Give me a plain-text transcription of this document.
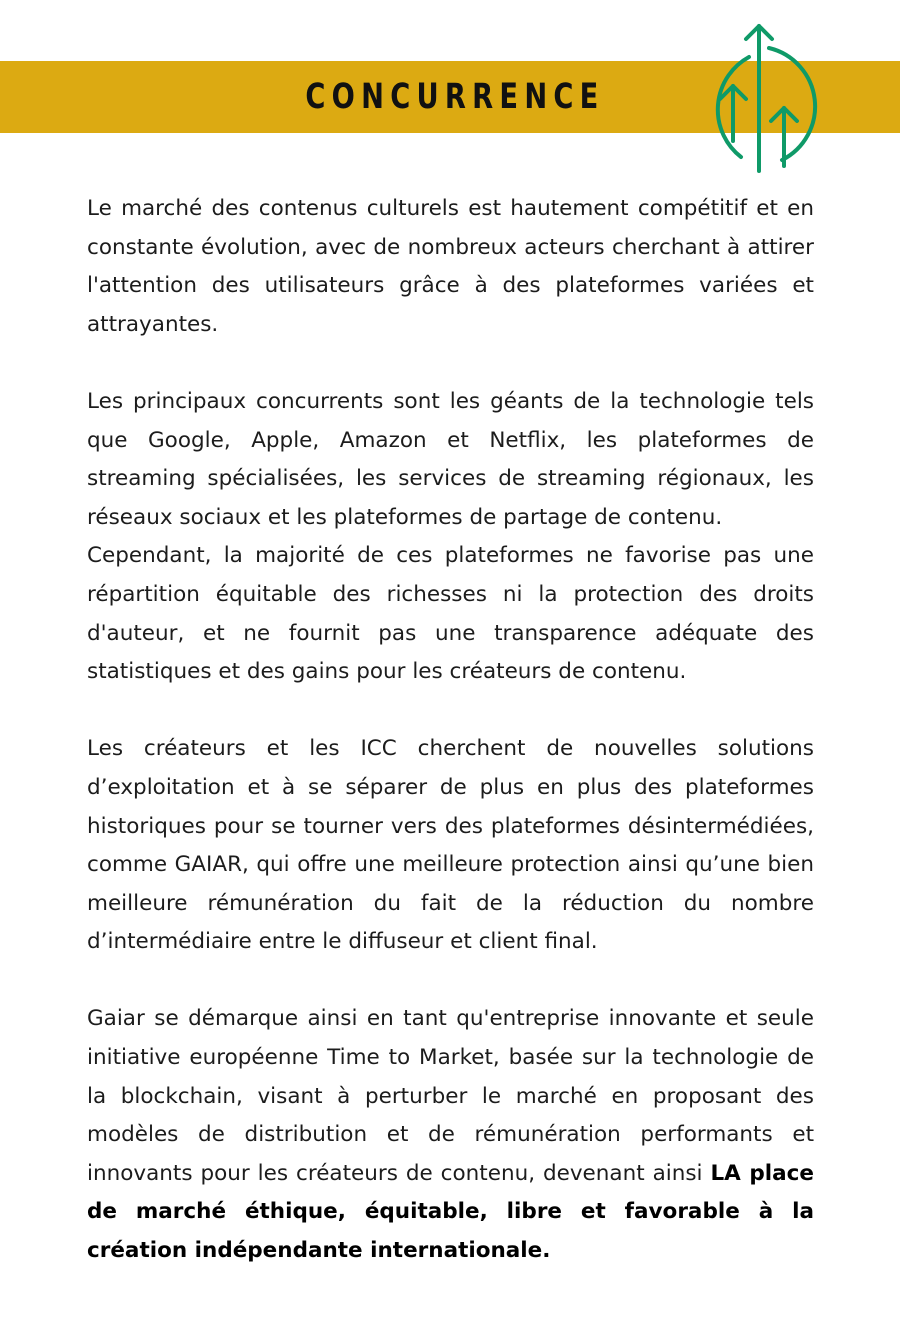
CONCURRENCE

Le marché des contenus culturels est hautement compétitif et en constante évolution, avec de nombreux acteurs cherchant à attirer l'attention des utilisateurs grâce à des plateformes variées et attrayantes.

Les principaux concurrents sont les géants de la technologie tels que Google, Apple, Amazon et Netflix, les plateformes de streaming spécialisées, les services de streaming régionaux, les réseaux sociaux et les plateformes de partage de contenu.

Cependant, la majorité de ces plateformes ne favorise pas une répartition équitable des richesses ni la protection des droits d'auteur, et ne fournit pas une transparence adéquate des statistiques et des gains pour les créateurs de contenu.

Les créateurs et les ICC cherchent de nouvelles solutions d’exploitation et à se séparer de plus en plus des plateformes historiques pour se tourner vers des plateformes désintermédiées, comme GAIAR, qui offre une meilleure protection ainsi qu’une bien meilleure rémunération du fait de la réduction du nombre d’intermédiaire entre le diffuseur et client final.

Gaiar se démarque ainsi en tant qu'entreprise innovante et seule initiative européenne Time to Market, basée sur la technologie de la blockchain, visant à perturber le marché en proposant des modèles de distribution et de rémunération performants et innovants pour les créateurs de contenu, devenant ainsi LA place de marché éthique, équitable, libre et favorable à la création indépendante internationale.
